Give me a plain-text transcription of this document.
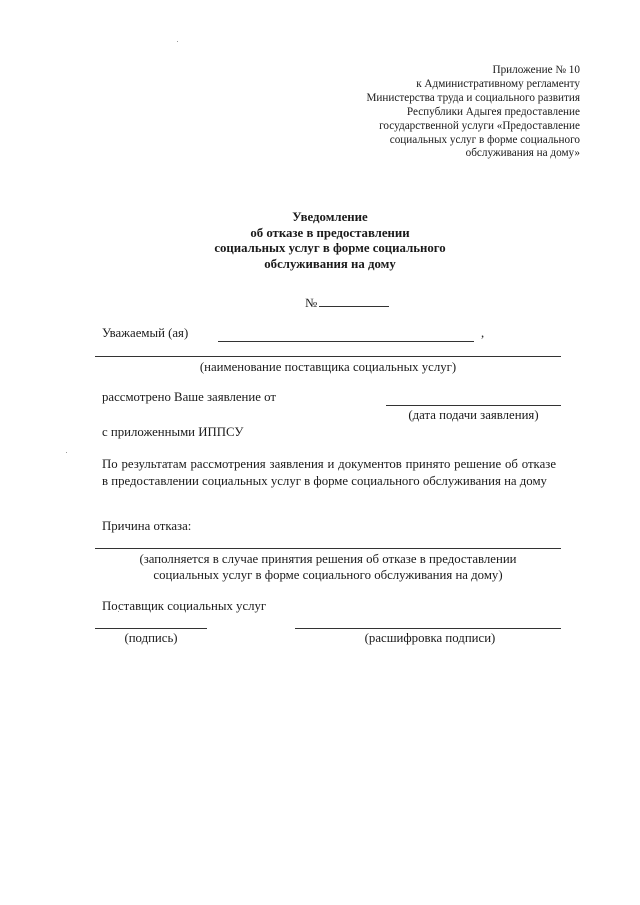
Приложение № 10
к Административному регламенту
Министерства труда и социального развития
Республики Адыгея предоставление
государственной услуги «Предоставление
социальных услуг в форме социального
обслуживания на дому»
Уведомление
об отказе в предоставлении
социальных услуг в форме социального
обслуживания на дому
№
Уважаемый (ая)	,
(наименование поставщика социальных услуг)
рассмотрено Ваше заявление от
(дата подачи заявления)
с приложенными ИППСУ
По результатам рассмотрения заявления и документов принято решение об отказе в предоставлении социальных услуг в форме социального обслуживания на дому
Причина отказа:
(заполняется в случае принятия решения об отказе в предоставлении
социальных услуг в форме социального обслуживания на дому)
Поставщик социальных услуг
(подпись)	(расшифровка подписи)
